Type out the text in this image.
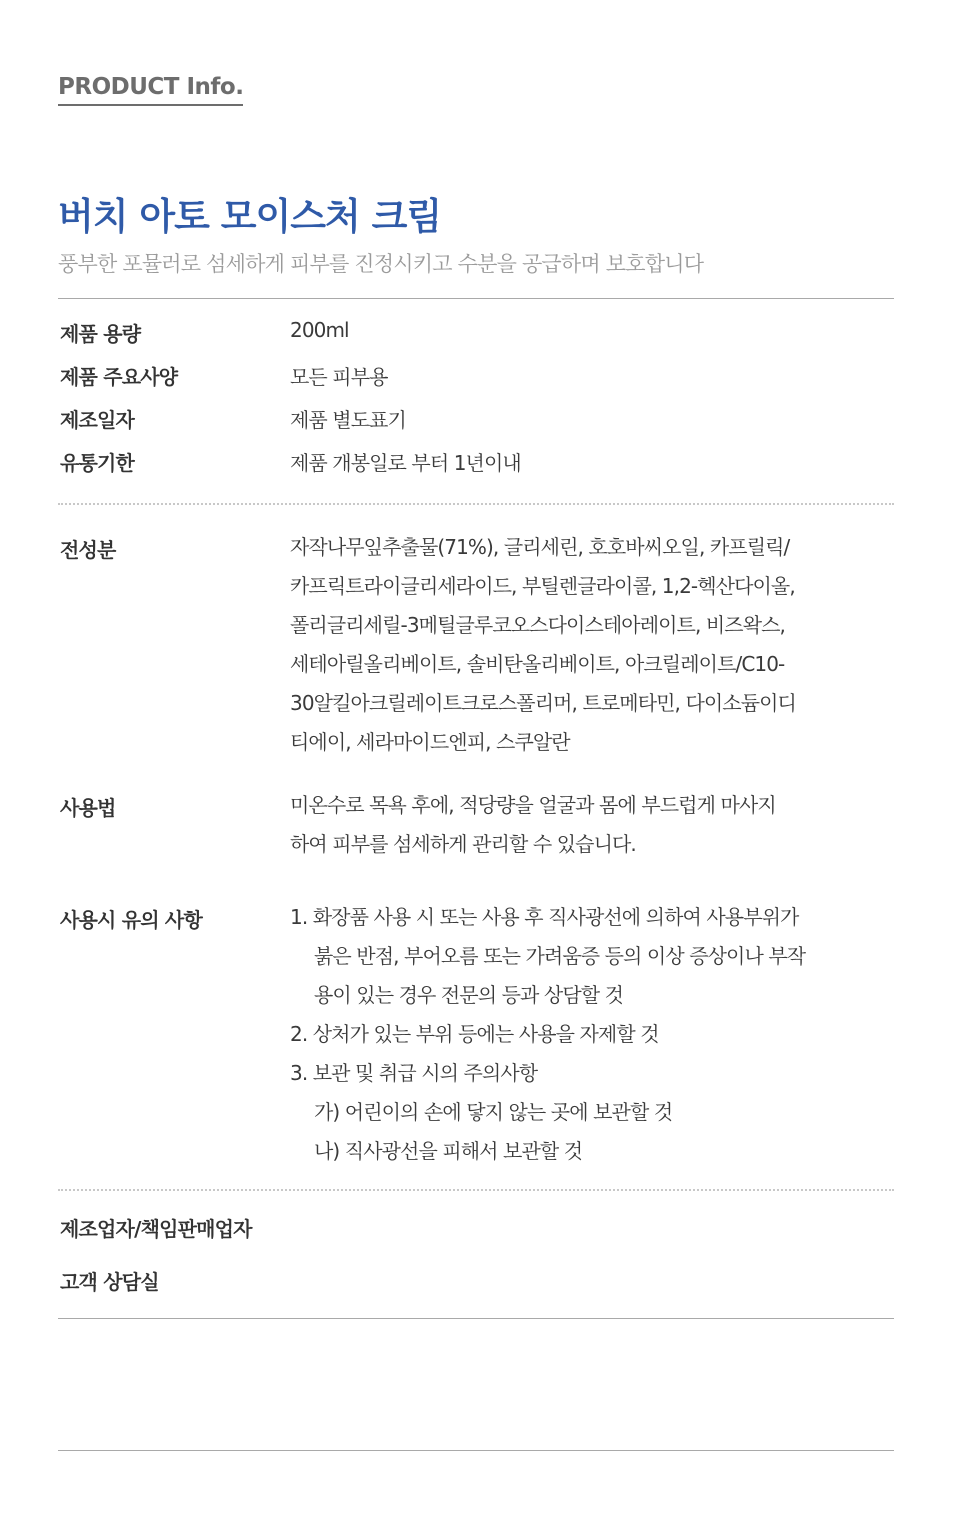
PRODUCT Info.
버치 아토 모이스처 크림
풍부한 포뮬러로 섬세하게 피부를 진정시키고 수분을 공급하며 보호합니다
제품 용량	200ml
제품 주요사양	모든 피부용
제조일자	제품 별도표기
유통기한	제품 개봉일로 부터 1년이내
전성분	자작나무잎추출물(71%), 글리세린, 호호바씨오일, 카프릴릭/
카프릭트라이글리세라이드, 부틸렌글라이콜, 1,2-헥산다이올,
폴리글리세릴-3메틸글루코오스다이스테아레이트, 비즈왁스,
세테아릴올리베이트, 솔비탄올리베이트, 아크릴레이트/C10-
30알킬아크릴레이트크로스폴리머, 트로메타민, 다이소듐이디
티에이, 세라마이드엔피, 스쿠알란
사용법	미온수로 목욕 후에, 적당량을 얼굴과 몸에 부드럽게 마사지
하여 피부를 섬세하게 관리할 수 있습니다.
사용시 유의 사항	1. 화장품 사용 시 또는 사용 후 직사광선에 의하여 사용부위가
붉은 반점, 부어오름 또는 가려움증 등의 이상 증상이나 부작
용이 있는 경우 전문의 등과 상담할 것
2. 상처가 있는 부위 등에는 사용을 자제할 것
3. 보관 및 취급 시의 주의사항
가) 어린이의 손에 닿지 않는 곳에 보관할 것
나) 직사광선을 피해서 보관할 것
제조업자/책임판매업자
고객 상담실
